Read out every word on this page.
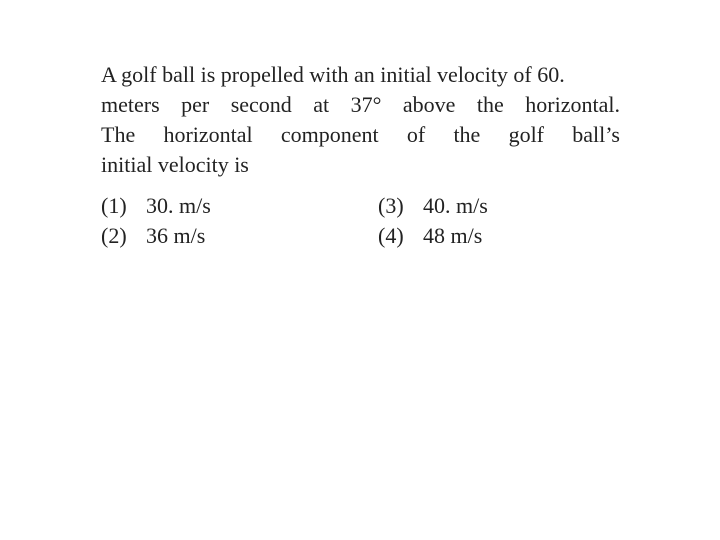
A golf ball is propelled with an initial velocity of 60.
meters per second at 37° above the horizontal.
The horizontal component of the golf ball’s
initial velocity is
(1) 30. m/s
(2) 36 m/s
(3) 40. m/s
(4) 48 m/s
